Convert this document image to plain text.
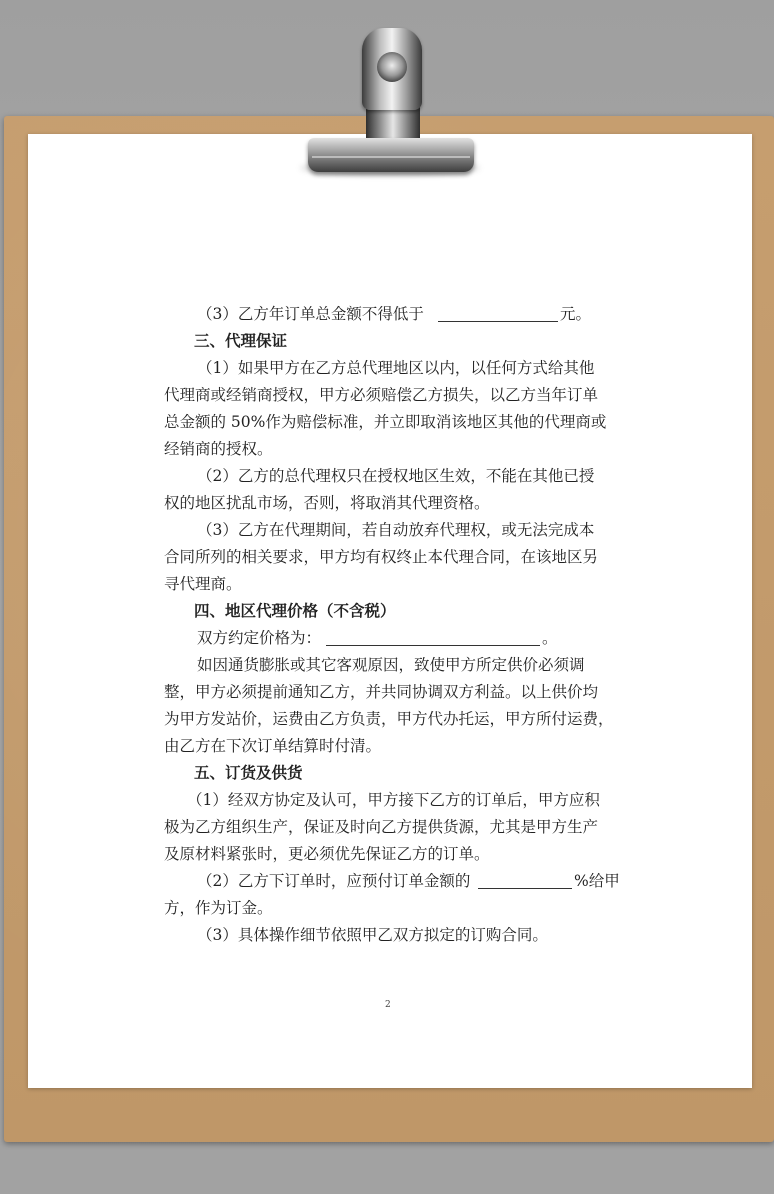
（3）乙方年订单总金额不得低于	元。
三、代理保证
（1）如果甲方在乙方总代理地区以内，以任何方式给其他
代理商或经销商授权，甲方必须赔偿乙方损失，以乙方当年订单
总金额的 50%作为赔偿标准，并立即取消该地区其他的代理商或
经销商的授权。
（2）乙方的总代理权只在授权地区生效，不能在其他已授
权的地区扰乱市场，否则，将取消其代理资格。
（3）乙方在代理期间，若自动放弃代理权，或无法完成本
合同所列的相关要求，甲方均有权终止本代理合同，在该地区另
寻代理商。
四、地区代理价格（不含税）
双方约定价格为：	。
如因通货膨胀或其它客观原因，致使甲方所定供价必须调
整，甲方必须提前通知乙方，并共同协调双方利益。以上供价均
为甲方发站价，运费由乙方负责，甲方代办托运，甲方所付运费，
由乙方在下次订单结算时付清。
五、订货及供货
（1）经双方协定及认可，甲方接下乙方的订单后，甲方应积
极为乙方组织生产，保证及时向乙方提供货源，尤其是甲方生产
及原材料紧张时，更必须优先保证乙方的订单。
（2）乙方下订单时，应预付订单金额的	%给甲
方，作为订金。
（3）具体操作细节依照甲乙双方拟定的订购合同。
2
